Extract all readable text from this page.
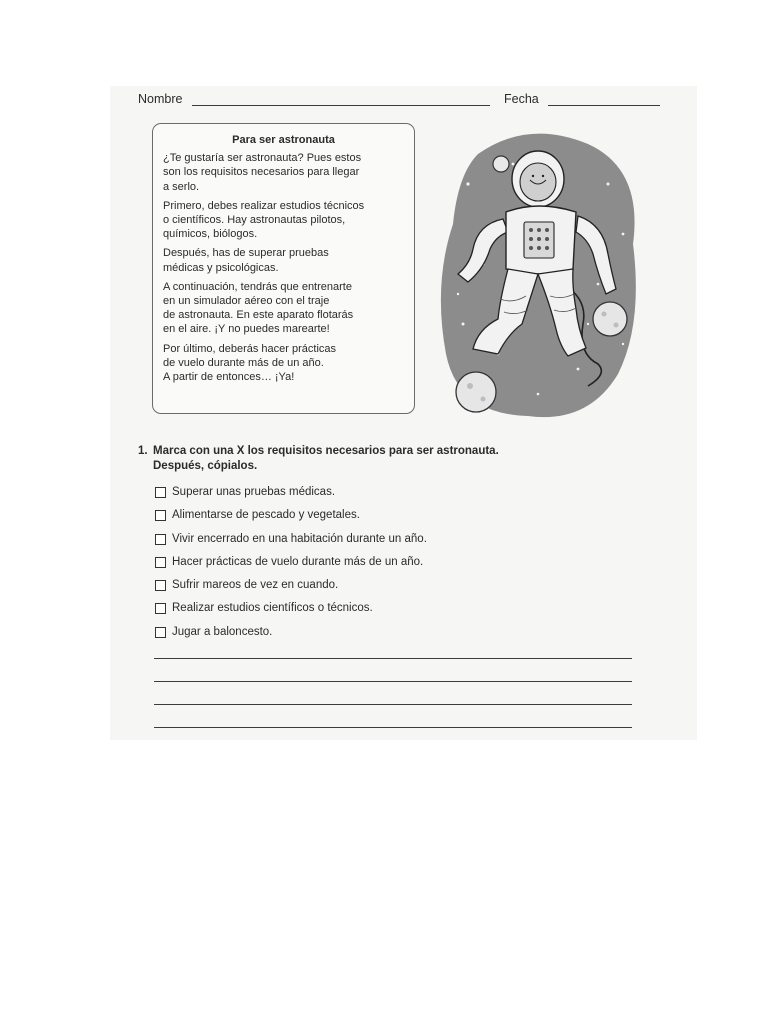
Nombre	Fecha
Para ser astronauta

¿Te gustaría ser astronauta? Pues estos
son los requisitos necesarios para llegar
a serlo.

Primero, debes realizar estudios técnicos
o científicos. Hay astronautas pilotos,
químicos, biólogos.

Después, has de superar pruebas
médicas y psicológicas.

A continuación, tendrás que entrenarte
en un simulador aéreo con el traje
de astronauta. En este aparato flotarás
en el aire. ¡Y no puedes marearte!

Por último, deberás hacer prácticas
de vuelo durante más de un año.
A partir de entonces… ¡Ya!

1. Marca con una X los requisitos necesarios para ser astronauta.
Después, cópialos.
Superar unas pruebas médicas.
Alimentarse de pescado y vegetales.
Vivir encerrado en una habitación durante un año.
Hacer prácticas de vuelo durante más de un año.
Sufrir mareos de vez en cuando.
Realizar estudios científicos o técnicos.
Jugar a baloncesto.
